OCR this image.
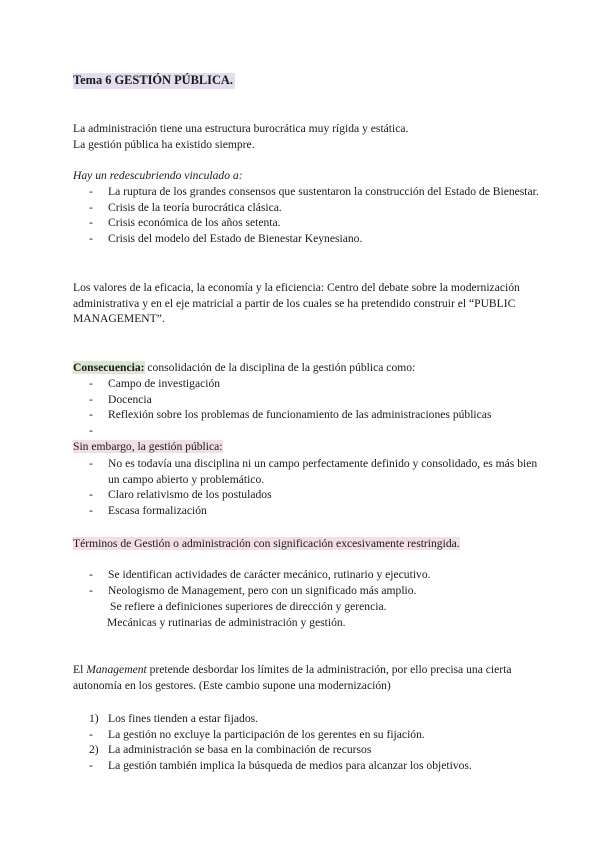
Tema 6 GESTIÓN PÚBLICA.

La administración tiene una estructura burocrática muy rígida y estática.

La gestión pública ha existido siempre.

Hay un redescubriendo vinculado a:

- La ruptura de los grandes consensos que sustentaron la construcción del Estado de Bienestar.
- Crisis de la teoría burocrática clásica.
- Crisis económica de los años setenta.
- Crisis del modelo del Estado de Bienestar Keynesiano.

Los valores de la eficacia, la economía y la eficiencia: Centro del debate sobre la modernización administrativa y en el eje matricial a partir de los cuales se ha pretendido construir el “PUBLIC MANAGEMENT”.

Consecuencia: consolidación de la disciplina de la gestión pública como:

- Campo de investigación
- Docencia
- Reflexión sobre los problemas de funcionamiento de las administraciones públicas
-

Sin embargo, la gestión pública:

- No es todavía una disciplina ni un campo perfectamente definido y consolidado, es más bien un campo abierto y problemático.
- Claro relativismo de los postulados
- Escasa formalización

Términos de Gestión o administración con significación excesivamente restringida.

- Se identifican actividades de carácter mecánico, rutinario y ejecutivo.
- Neologismo de Management, pero con un significado más amplio.

Se refiere a definiciones superiores de dirección y gerencia.

Mecánicas y rutinarias de administración y gestión.

El Management pretende desbordar los límites de la administración, por ello precisa una cierta autonomía en los gestores. (Este cambio supone una modernización)

1) Los fines tienden a estar fijados.
- La gestión no excluye la participación de los gerentes en su fijación.
2) La administración se basa en la combinación de recursos
- La gestión también implica la búsqueda de medios para alcanzar los objetivos.
